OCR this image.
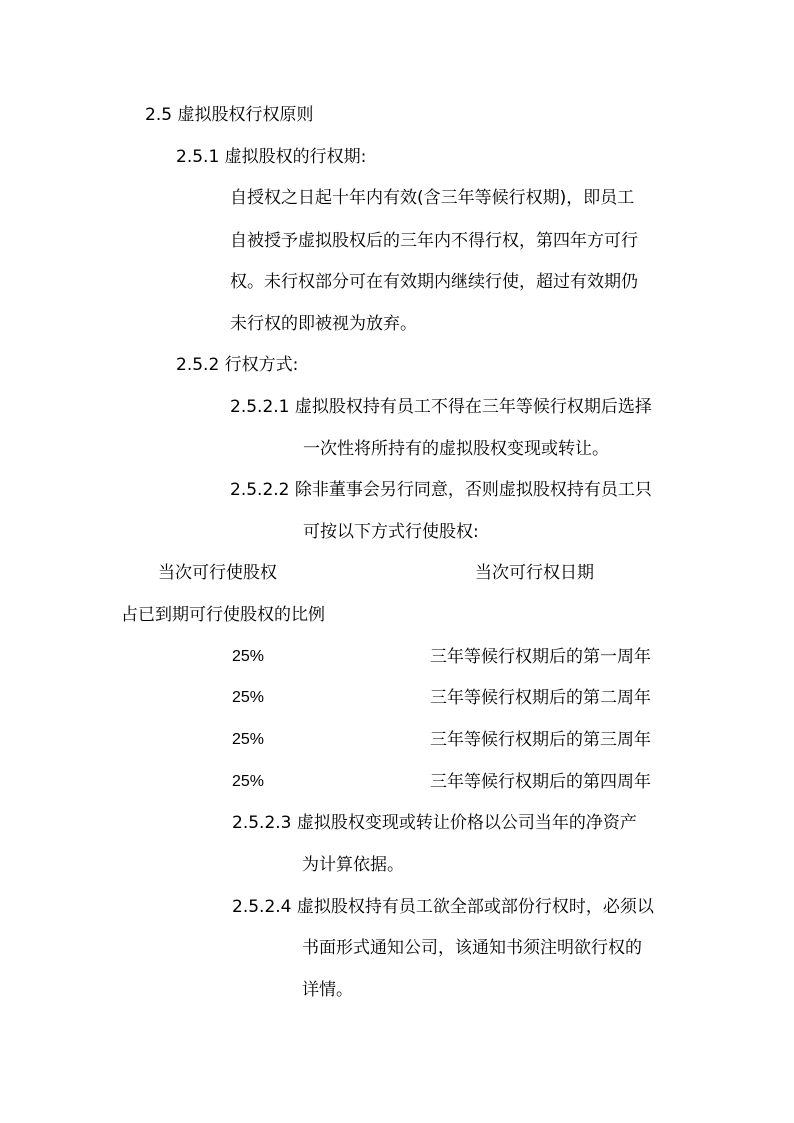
2.5 虚拟股权行权原则
2.5.1 虚拟股权的行权期:
自授权之日起十年内有效(含三年等候行权期)，即员工
自被授予虚拟股权后的三年内不得行权，第四年方可行
权。未行权部分可在有效期内继续行使，超过有效期仍
未行权的即被视为放弃。
2.5.2 行权方式:
2.5.2.1 虚拟股权持有员工不得在三年等候行权期后选择
一次性将所持有的虚拟股权变现或转让。
2.5.2.2 除非董事会另行同意，否则虚拟股权持有员工只
可按以下方式行使股权:
当次可行使股权	当次可行权日期
占已到期可行使股权的比例
25%	三年等候行权期后的第一周年
25%	三年等候行权期后的第二周年
25%	三年等候行权期后的第三周年
25%	三年等候行权期后的第四周年
2.5.2.3 虚拟股权变现或转让价格以公司当年的净资产
为计算依据。
2.5.2.4 虚拟股权持有员工欲全部或部份行权时，必须以
书面形式通知公司，该通知书须注明欲行权的
详情。
